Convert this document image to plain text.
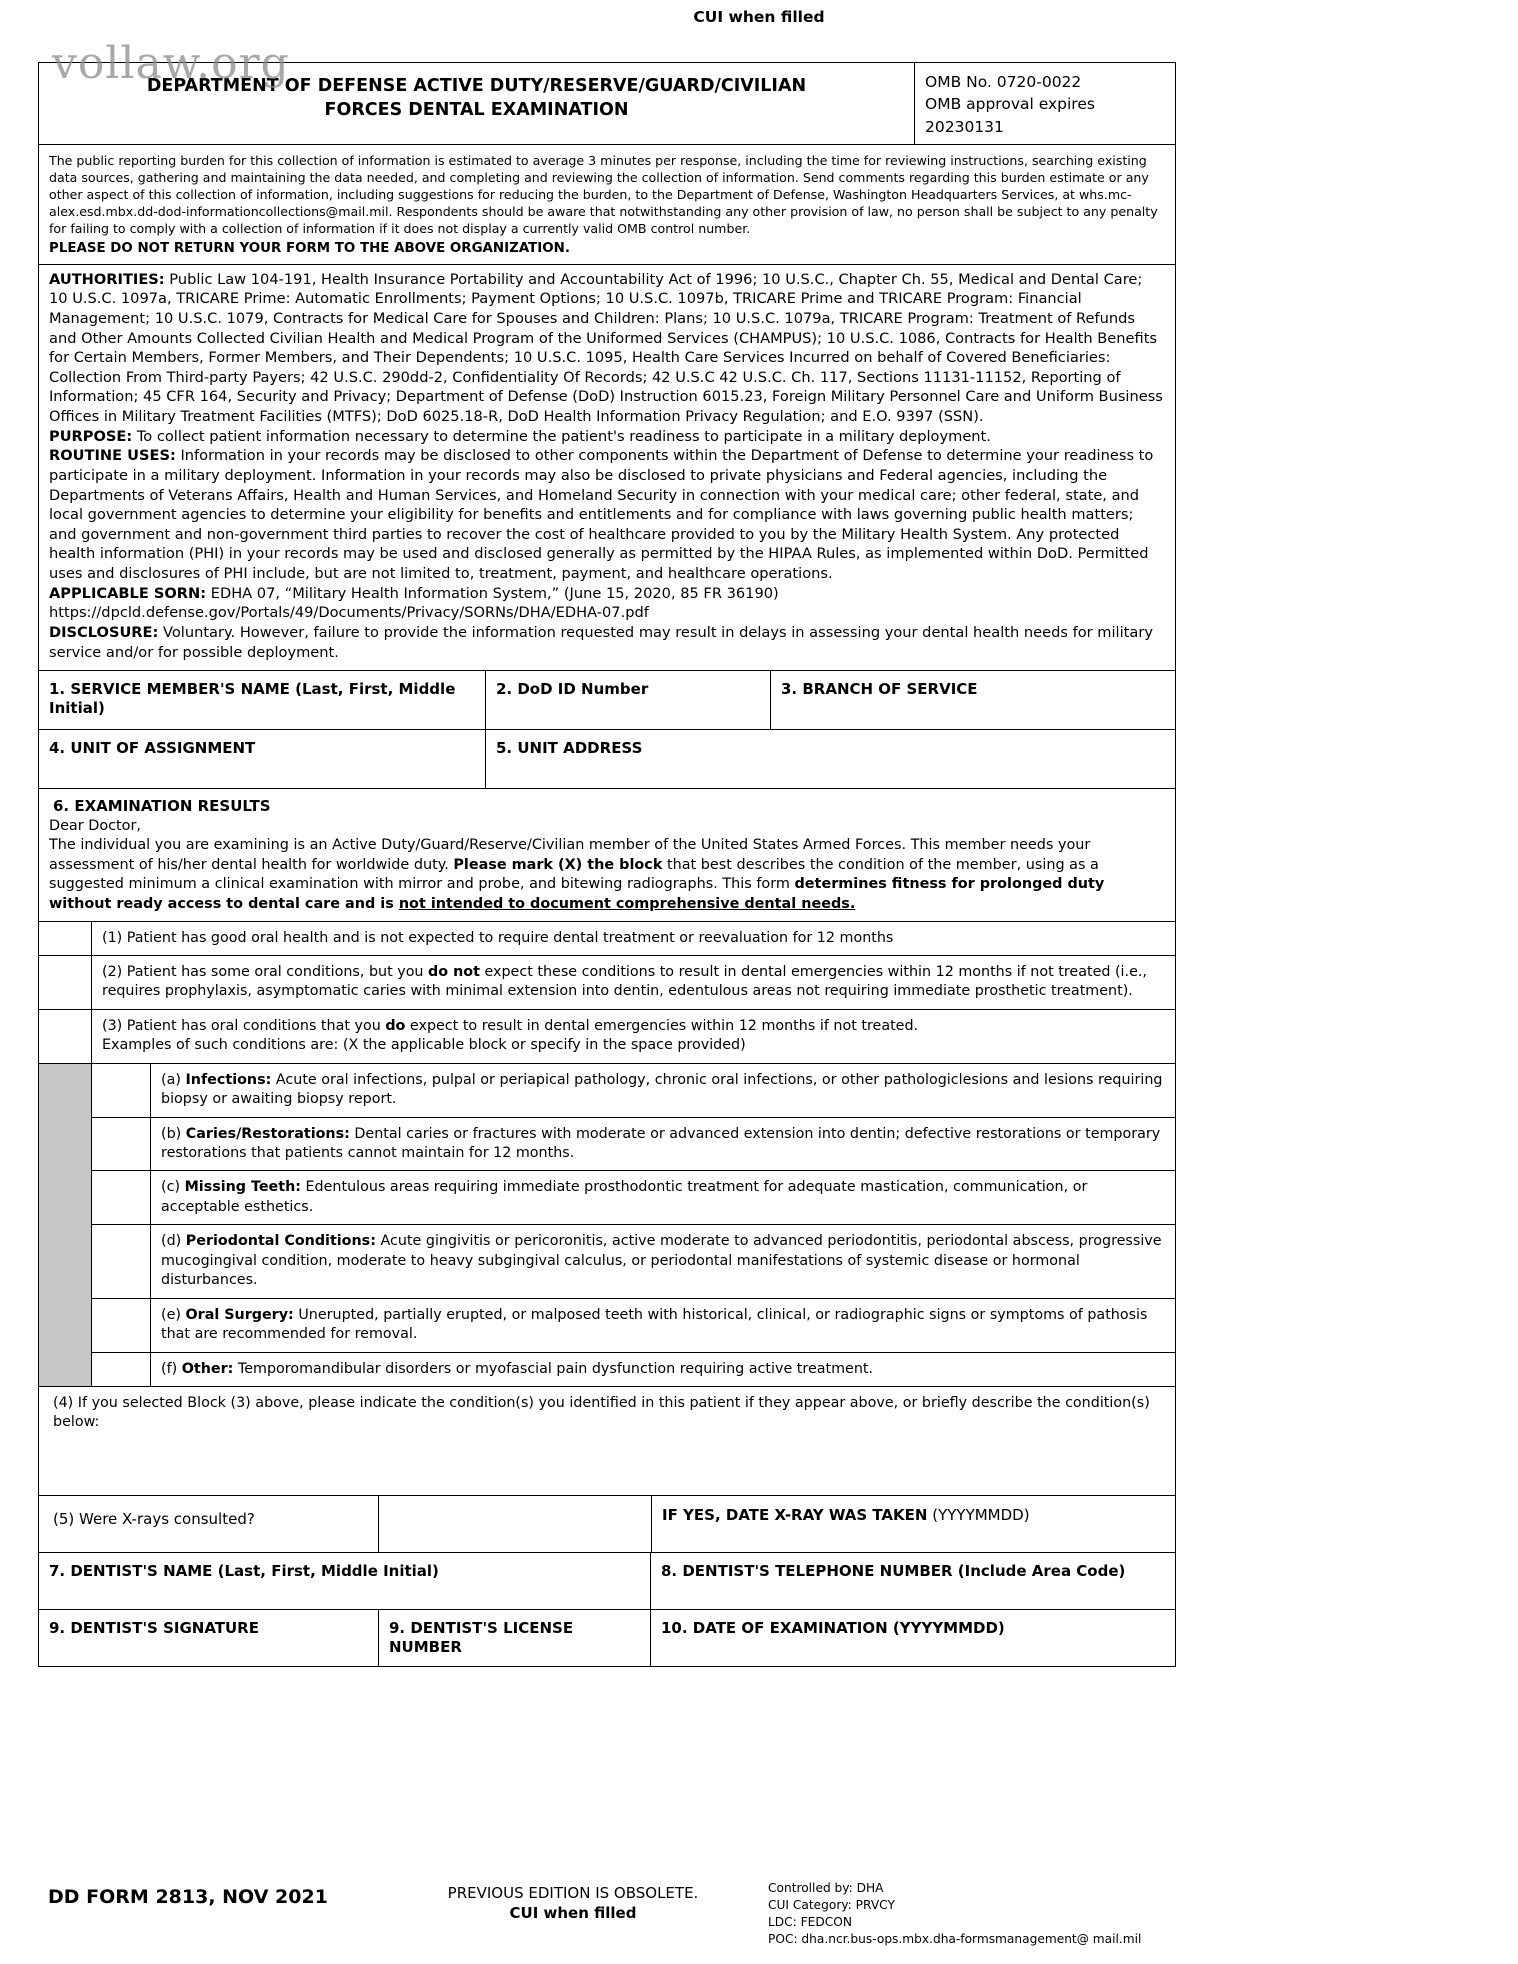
CUI when filled
vollaw.org
DEPARTMENT OF DEFENSE ACTIVE DUTY/RESERVE/GUARD/CIVILIAN
FORCES DENTAL EXAMINATION
OMB No. 0720-0022
OMB approval expires
20230131
The public reporting burden for this collection of information is estimated to average 3 minutes per response, including the time for reviewing instructions, searching existing data sources, gathering and maintaining the data needed, and completing and reviewing the collection of information. Send comments regarding this burden estimate or any other aspect of this collection of information, including suggestions for reducing the burden, to the Department of Defense, Washington Headquarters Services, at whs.mc-alex.esd.mbx.dd-dod-informationcollections@mail.mil. Respondents should be aware that notwithstanding any other provision of law, no person shall be subject to any penalty for failing to comply with a collection of information if it does not display a currently valid OMB control number.
PLEASE DO NOT RETURN YOUR FORM TO THE ABOVE ORGANIZATION.

AUTHORITIES: Public Law 104-191, Health Insurance Portability and Accountability Act of 1996; 10 U.S.C., Chapter Ch. 55, Medical and Dental Care; 10 U.S.C. 1097a, TRICARE Prime: Automatic Enrollments; Payment Options; 10 U.S.C. 1097b, TRICARE Prime and TRICARE Program: Financial Management; 10 U.S.C. 1079, Contracts for Medical Care for Spouses and Children: Plans; 10 U.S.C. 1079a, TRICARE Program: Treatment of Refunds and Other Amounts Collected Civilian Health and Medical Program of the Uniformed Services (CHAMPUS); 10 U.S.C. 1086, Contracts for Health Benefits for Certain Members, Former Members, and Their Dependents; 10 U.S.C. 1095, Health Care Services Incurred on behalf of Covered Beneficiaries: Collection From Third-party Payers; 42 U.S.C. 290dd-2, Confidentiality Of Records; 42 U.S.C 42 U.S.C. Ch. 117, Sections 11131-11152, Reporting of Information; 45 CFR 164, Security and Privacy; Department of Defense (DoD) Instruction 6015.23, Foreign Military Personnel Care and Uniform Business Offices in Military Treatment Facilities (MTFS); DoD 6025.18-R, DoD Health Information Privacy Regulation; and E.O. 9397 (SSN).

PURPOSE: To collect patient information necessary to determine the patient's readiness to participate in a military deployment.

ROUTINE USES: Information in your records may be disclosed to other components within the Department of Defense to determine your readiness to participate in a military deployment. Information in your records may also be disclosed to private physicians and Federal agencies, including the Departments of Veterans Affairs, Health and Human Services, and Homeland Security in connection with your medical care; other federal, state, and local government agencies to determine your eligibility for benefits and entitlements and for compliance with laws governing public health matters; and government and non-government third parties to recover the cost of healthcare provided to you by the Military Health System. Any protected health information (PHI) in your records may be used and disclosed generally as permitted by the HIPAA Rules, as implemented within DoD. Permitted uses and disclosures of PHI include, but are not limited to, treatment, payment, and healthcare operations.

APPLICABLE SORN: EDHA 07, “Military Health Information System,” (June 15, 2020, 85 FR 36190) https://dpcld.defense.gov/Portals/49/Documents/Privacy/SORNs/DHA/EDHA-07.pdf

DISCLOSURE: Voluntary. However, failure to provide the information requested may result in delays in assessing your dental health needs for military service and/or for possible deployment.

1. SERVICE MEMBER'S NAME (Last, First, Middle Initial)
2. DoD ID Number	3. BRANCH OF SERVICE
4. UNIT OF ASSIGNMENT	5. UNIT ADDRESS
6. EXAMINATION RESULTS
Dear Doctor,
The individual you are examining is an Active Duty/Guard/Reserve/Civilian member of the United States Armed Forces. This member needs your assessment of his/her dental health for worldwide duty. Please mark (X) the block that best describes the condition of the member, using as a suggested minimum a clinical examination with mirror and probe, and bitewing radiographs. This form determines fitness for prolonged duty without ready access to dental care and is not intended to document comprehensive dental needs.
(1) Patient has good oral health and is not expected to require dental treatment or reevaluation for 12 months
(2) Patient has some oral conditions, but you do not expect these conditions to result in dental emergencies within 12 months if not treated (i.e., requires prophylaxis, asymptomatic caries with minimal extension into dentin, edentulous areas not requiring immediate prosthetic treatment).
(3) Patient has oral conditions that you do expect to result in dental emergencies within 12 months if not treated.
Examples of such conditions are: (X the applicable block or specify in the space provided)
(a) Infections: Acute oral infections, pulpal or periapical pathology, chronic oral infections, or other pathologiclesions and lesions requiring biopsy or awaiting biopsy report.
(b) Caries/Restorations: Dental caries or fractures with moderate or advanced extension into dentin; defective restorations or temporary restorations that patients cannot maintain for 12 months.
(c) Missing Teeth: Edentulous areas requiring immediate prosthodontic treatment for adequate mastication, communication, or acceptable esthetics.
(d) Periodontal Conditions: Acute gingivitis or pericoronitis, active moderate to advanced periodontitis, periodontal abscess, progressive mucogingival condition, moderate to heavy subgingival calculus, or periodontal manifestations of systemic disease or hormonal disturbances.
(e) Oral Surgery: Unerupted, partially erupted, or malposed teeth with historical, clinical, or radiographic signs or symptoms of pathosis that are recommended for removal.
(f) Other: Temporomandibular disorders or myofascial pain dysfunction requiring active treatment.
(4) If you selected Block (3) above, please indicate the condition(s) you identified in this patient if they appear above, or briefly describe the condition(s) below:
(5) Were X-rays consulted?	IF YES, DATE X-RAY WAS TAKEN (YYYYMMDD)
7. DENTIST'S NAME (Last, First, Middle Initial)	8. DENTIST'S TELEPHONE NUMBER (Include Area Code)
9. DENTIST'S SIGNATURE	9. DENTIST'S LICENSE NUMBER
10. DATE OF EXAMINATION (YYYYMMDD)
DD FORM 2813, NOV 2021	PREVIOUS EDITION IS OBSOLETE.
CUI when filled
Controlled by: DHA
CUI Category: PRVCY
LDC: FEDCON
POC: dha.ncr.bus-ops.mbx.dha-formsmanagement@ mail.mil
